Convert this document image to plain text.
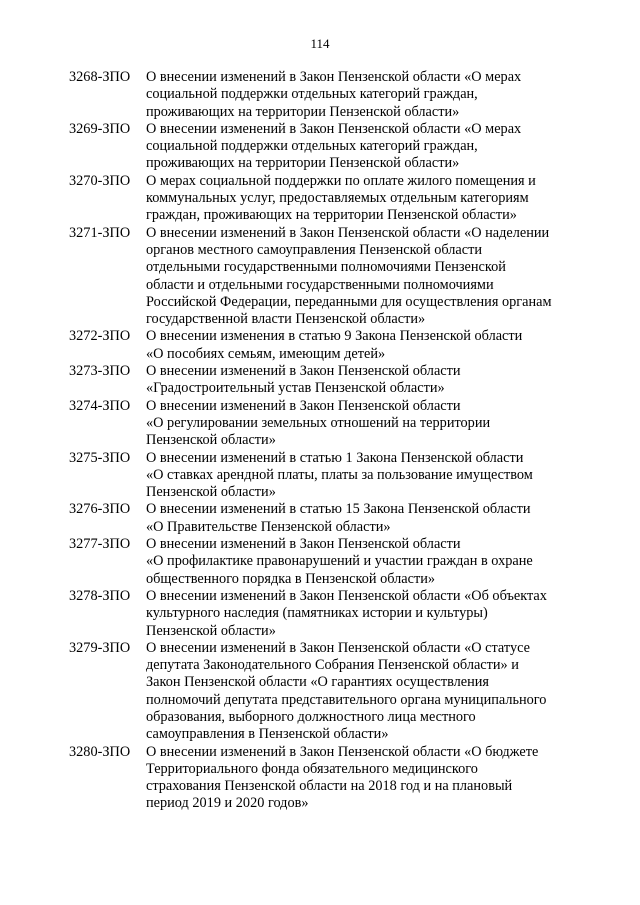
114
3268-ЗПО	О внесении изменений в Закон Пензенской области «О мерах
социальной поддержки отдельных категорий граждан,
проживающих на территории Пензенской области»
3269-ЗПО	О внесении изменений в Закон Пензенской области «О мерах
социальной поддержки отдельных категорий граждан,
проживающих на территории Пензенской области»
3270-ЗПО	О мерах социальной поддержки по оплате жилого помещения и
коммунальных услуг, предоставляемых отдельным категориям
граждан, проживающих на территории Пензенской области»
3271-ЗПО	О внесении изменений в Закон Пензенской области «О наделении
органов местного самоуправления Пензенской области
отдельными государственными полномочиями Пензенской
области и отдельными государственными полномочиями
Российской Федерации, переданными для осуществления органам
государственной власти Пензенской области»
3272-ЗПО	О внесении изменения в статью 9 Закона Пензенской области
«О пособиях семьям, имеющим детей»
3273-ЗПО	О внесении изменений в Закон Пензенской области
«Градостроительный устав Пензенской области»
3274-ЗПО	О внесении изменений в Закон Пензенской области
«О регулировании земельных отношений на территории
Пензенской области»
3275-ЗПО	О внесении изменений в статью 1 Закона Пензенской области
«О ставках арендной платы, платы за пользование имуществом
Пензенской области»
3276-ЗПО	О внесении изменений в статью 15 Закона Пензенской области
«О Правительстве Пензенской области»
3277-ЗПО	О внесении изменений в Закон Пензенской области
«О профилактике правонарушений и участии граждан в охране
общественного порядка в Пензенской области»
3278-ЗПО	О внесении изменений в Закон Пензенской области «Об объектах
культурного наследия (памятниках истории и культуры)
Пензенской области»
3279-ЗПО	О внесении изменений в Закон Пензенской области «О статусе
депутата Законодательного Собрания Пензенской области» и
Закон Пензенской области «О гарантиях осуществления
полномочий депутата представительного органа муниципального
образования, выборного должностного лица местного
самоуправления в Пензенской области»
3280-ЗПО	О внесении изменений в Закон Пензенской области «О бюджете
Территориального фонда обязательного медицинского
страхования Пензенской области на 2018 год и на плановый
период 2019 и 2020 годов»
